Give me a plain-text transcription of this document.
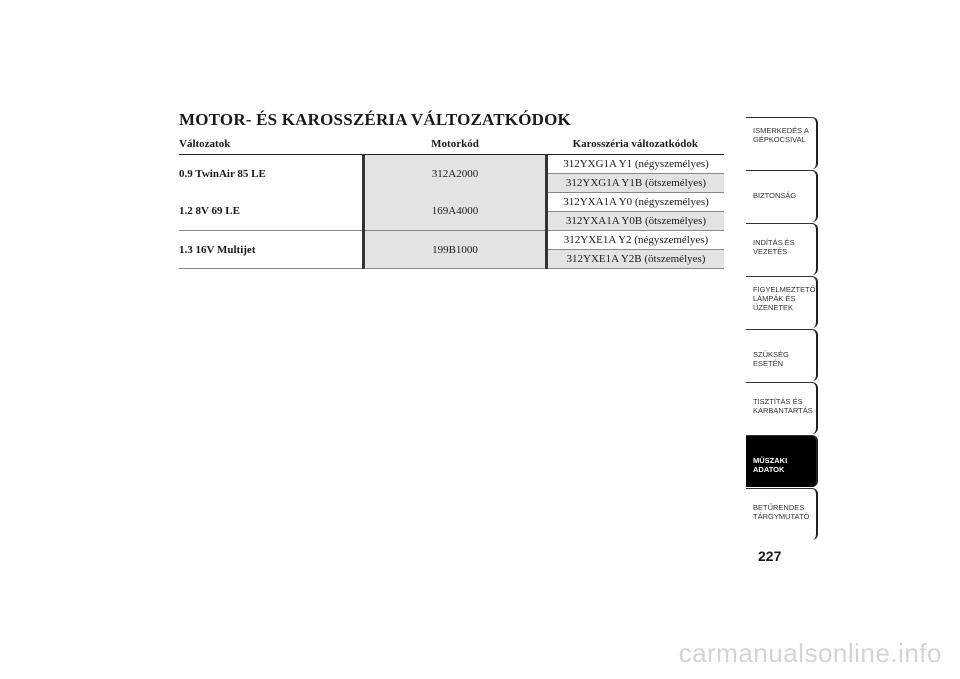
MOTOR- ÉS KAROSSZÉRIA VÁLTOZATKÓDOK
Változatok	Motorkód	Karosszéria változatkódok
0.9 TwinAir 85 LE	312A2000	312YXG1A Y1 (négyszemélyes)
		312YXG1A Y1B (ötszemélyes)
1.2 8V 69 LE	169A4000	312YXA1A Y0 (négyszemélyes)
		312YXA1A Y0B (ötszemélyes)
1.3 16V Multijet	199B1000	312YXE1A Y2 (négyszemélyes)
		312YXE1A Y2B (ötszemélyes)
ISMERKEDÉS A
GÉPKOCSIVAL
BIZTONSÁG
INDÍTÁS ÉS
VEZETÉS
FIGYELMEZTETŐ
LÁMPÁK ÉS
ÜZENETEK
SZÜKSÉG ESETÉN
TISZTÍTÁS ÉS
KARBANTARTÁS
MŰSZAKI ADATOK
BETŰRENDES
TÁRGYMUTATÓ
227
carmanualsonline.info
